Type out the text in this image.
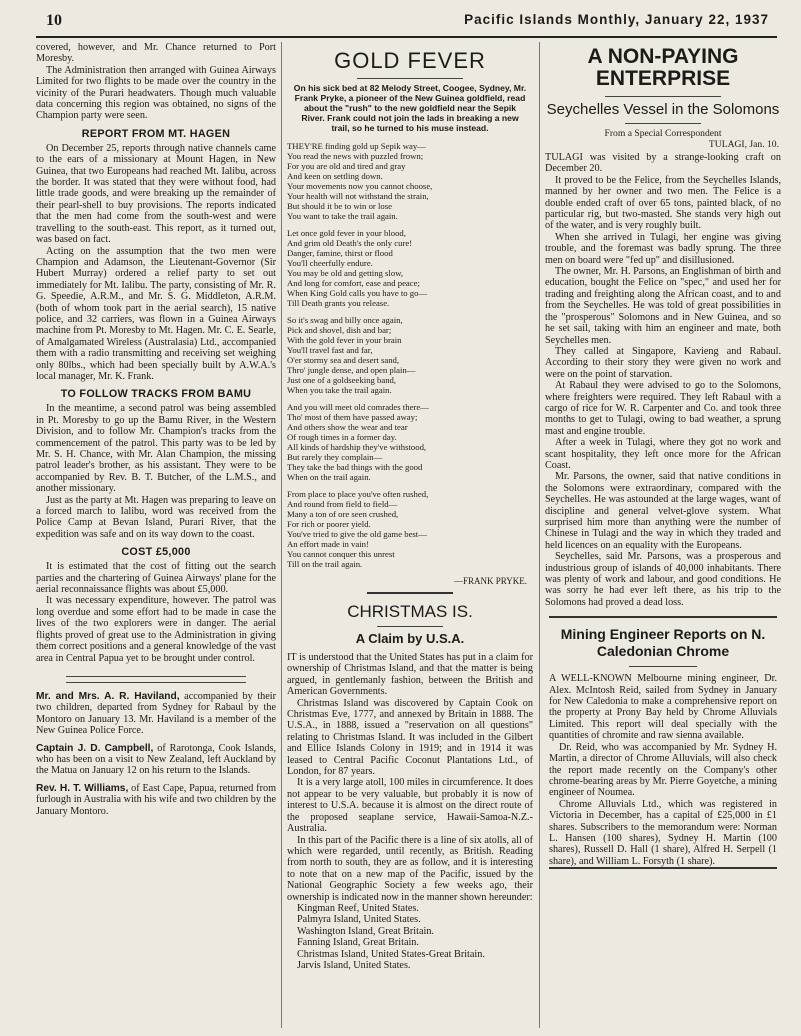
10	Pacific Islands Monthly, January 22, 1937

covered, however, and Mr. Chance returned to Port Moresby.

The Administration then arranged with Guinea Airways Limited for two flights to be made over the country in the vicinity of the Purari headwaters. Though much valuable data concerning this region was obtained, no signs of the Champion party were seen.

REPORT FROM MT. HAGEN

On December 25, reports through native channels came to the ears of a missionary at Mount Hagen, in New Guinea, that two Europeans had reached Mt. Ialibu, across the border. It was stated that they were without food, had little trade goods, and were breaking up the remainder of their pearl-shell to buy provisions. The reports indicated that the men had come from the south-west and were travelling to the south-east. This report, as it turned out, was based on fact.

Acting on the assumption that the two men were Champion and Adamson, the Lieutenant-Governor (Sir Hubert Murray) ordered a relief party to set out immediately for Mt. Ialibu. The party, consisting of Mr. R. G. Speedie, A.R.M., and Mr. S. G. Middleton, A.R.M. (both of whom took part in the aerial search), 15 native police, and 32 carriers, was flown in a Guinea Airways machine from Pt. Moresby to Mt. Hagen. Mr. C. E. Searle, of Amalgamated Wireless (Australasia) Ltd., accompanied them with a radio transmitting and receiving set weighing only 80lbs., which had been specially built by A.W.A.'s local manager, Mr. K. Frank.

TO FOLLOW TRACKS FROM BAMU

In the meantime, a second patrol was being assembled in Pt. Moresby to go up the Bamu River, in the Western Division, and to follow Mr. Champion's tracks from the commencement of the patrol. This party was to be led by Mr. S. H. Chance, with Mr. Alan Champion, the missing patrol leader's brother, as his assistant. They were to be accompanied by Rev. B. T. Butcher, of the L.M.S., and another missionary.

Just as the party at Mt. Hagen was preparing to leave on a forced march to Ialibu, word was received from the Police Camp at Bevan Island, Purari River, that the expedition was safe and on its way down to the coast.

COST £5,000

It is estimated that the cost of fitting out the search parties and the chartering of Guinea Airways' plane for the aerial reconnaissance flights was about £5,000.

It was necessary expenditure, however. The patrol was long overdue and some effort had to be made in case the lives of the two explorers were in danger. The aerial flights proved of great use to the Administration in giving them correct positions and a general knowledge of the vast area in Central Papua yet to be brought under control.

Mr. and Mrs. A. R. Haviland, accompanied by their two children, departed from Sydney for Rabaul by the Montoro on January 13. Mr. Haviland is a member of the New Guinea Police Force.

Captain J. D. Campbell, of Rarotonga, Cook Islands, who has been on a visit to New Zealand, left Auckland by the Matua on January 12 on his return to the Islands.

Rev. H. T. Williams, of East Cape, Papua, returned from furlough in Australia with his wife and two children by the January Montoro.

GOLD FEVER
On his sick bed at 82 Melody Street, Coogee, Sydney, Mr. Frank Pryke, a pioneer of the New Guinea goldfield, read about the "rush" to the new goldfield near the Sepik River. Frank could not join the lads in breaking a new trail, so he turned to his muse instead.
THEY'RE finding gold up Sepik way—
You read the news with puzzled frown;
For you are old and tired and gray
And keen on settling down.
Your movements now you cannot choose,
Your health will not withstand the strain,
But should it be to win or lose
You want to take the trail again.
Let once gold fever in your blood,
And grim old Death's the only cure!
Danger, famine, thirst or flood
You'll cheerfully endure.
You may be old and getting slow,
And long for comfort, ease and peace;
When King Gold calls you have to go—
Till Death grants you release.
So it's swag and billy once again,
Pick and shovel, dish and bar;
With the gold fever in your brain
You'll travel fast and far,
O'er stormy sea and desert sand,
Thro' jungle dense, and open plain—
Just one of a goldseeking band,
When you take the trail again.
And you will meet old comrades there—
Tho' most of them have passed away;
And others show the wear and tear
Of rough times in a former day.
All kinds of hardship they've withstood,
But rarely they complain—
They take the bad things with the good
When on the trail again.
From place to place you've often rushed,
And round from field to field—
Many a ton of ore seen crushed,
For rich or poorer yield.
You've tried to give the old game best—
An effort made in vain!
You cannot conquer this unrest
Till on the trail again.
—FRANK PRYKE.
CHRISTMAS IS.
A Claim by U.S.A.

IT is understood that the United States has put in a claim for ownership of Christmas Island, and that the matter is being argued, in gentlemanly fashion, between the British and American Governments.

Christmas Island was discovered by Captain Cook on Christmas Eve, 1777, and annexed by Britain in 1888. The U.S.A., in 1888, issued a "reservation on all questions" relating to Christmas Island. It was included in the Gilbert and Ellice Islands Colony in 1919; and in 1914 it was leased to Central Pacific Coconut Plantations Ltd., of London, for 87 years.

It is a very large atoll, 100 miles in circumference. It does not appear to be very valuable, but probably it is now of interest to U.S.A. because it is almost on the direct route of the proposed seaplane service, Hawaii-Samoa-N.Z.-Australia.

In this part of the Pacific there is a line of six atolls, all of which were regarded, until recently, as British. Reading from north to south, they are as follow, and it is interesting to note that on a new map of the Pacific, issued by the National Geographic Society a few weeks ago, their ownership is indicated now in the manner shown hereunder:

Kingman Reef, United States.
Palmyra Island, United States.
Washington Island, Great Britain.
Fanning Island, Great Britain.
Christmas Island, United States-Great Britain.
Jarvis Island, United States.
A NON-PAYING ENTERPRISE
Seychelles Vessel in the Solomons
From a Special Correspondent
TULAGI, Jan. 10.

TULAGI was visited by a strange-looking craft on December 20.

It proved to be the Felice, from the Seychelles Islands, manned by her owner and two men. The Felice is a double ended craft of over 65 tons, painted black, of no particular rig, but two-masted. She stands very high out of the water, and is very roughly built.

When she arrived in Tulagi, her engine was giving trouble, and the foremast was badly sprung. The three men on board were "fed up" and disillusioned.

The owner, Mr. H. Parsons, an Englishman of birth and education, bought the Felice on "spec," and used her for trading and freighting along the African coast, and to and from the Seychelles. He was told of great possibilities in the "prosperous" Solomons and in New Guinea, and so he set sail, taking with him an engineer and mate, both Seychelles men.

They called at Singapore, Kavieng and Rabaul. According to their story they were given no work and were on the point of starvation.

At Rabaul they were advised to go to the Solomons, where freighters were required. They left Rabaul with a cargo of rice for W. R. Carpenter and Co. and took three months to get to Tulagi, owing to bad weather, a sprung mast and engine trouble.

After a week in Tulagi, where they got no work and scant hospitality, they left once more for the African Coast.

Mr. Parsons, the owner, said that native conditions in the Solomons were extraordinary, compared with the Seychelles. He was astounded at the large wages, want of discipline and general velvet-glove system. What surprised him more than anything were the number of Chinese in Tulagi and the way in which they traded and held licences on an equality with the Europeans.

Seychelles, said Mr. Parsons, was a prosperous and industrious group of islands of 40,000 inhabitants. There was plenty of work and labour, and good conditions. He was sorry he had ever left there, as his trip to the Solomons had proved a dead loss.

Mining Engineer Reports on N. Caledonian Chrome

A WELL-KNOWN Melbourne mining engineer, Dr. Alex. McIntosh Reid, sailed from Sydney in January for New Caledonia to make a comprehensive report on the property at Prony Bay held by Chrome Alluvials Limited. This report will deal specially with the quantities of chromite and raw sienna available.

Dr. Reid, who was accompanied by Mr. Sydney H. Martin, a director of Chrome Alluvials, will also check the report made recently on the Company's other chrome-bearing areas by Mr. Pierre Goyetche, a mining engineer of Noumea.

Chrome Alluvials Ltd., which was registered in Victoria in December, has a capital of £25,000 in £1 shares. Subscribers to the memorandum were: Norman L. Hansen (100 shares), Sydney H. Martin (100 shares), Russell D. Hall (1 share), Alfred H. Serpell (1 share), and William L. Forsyth (1 share).
